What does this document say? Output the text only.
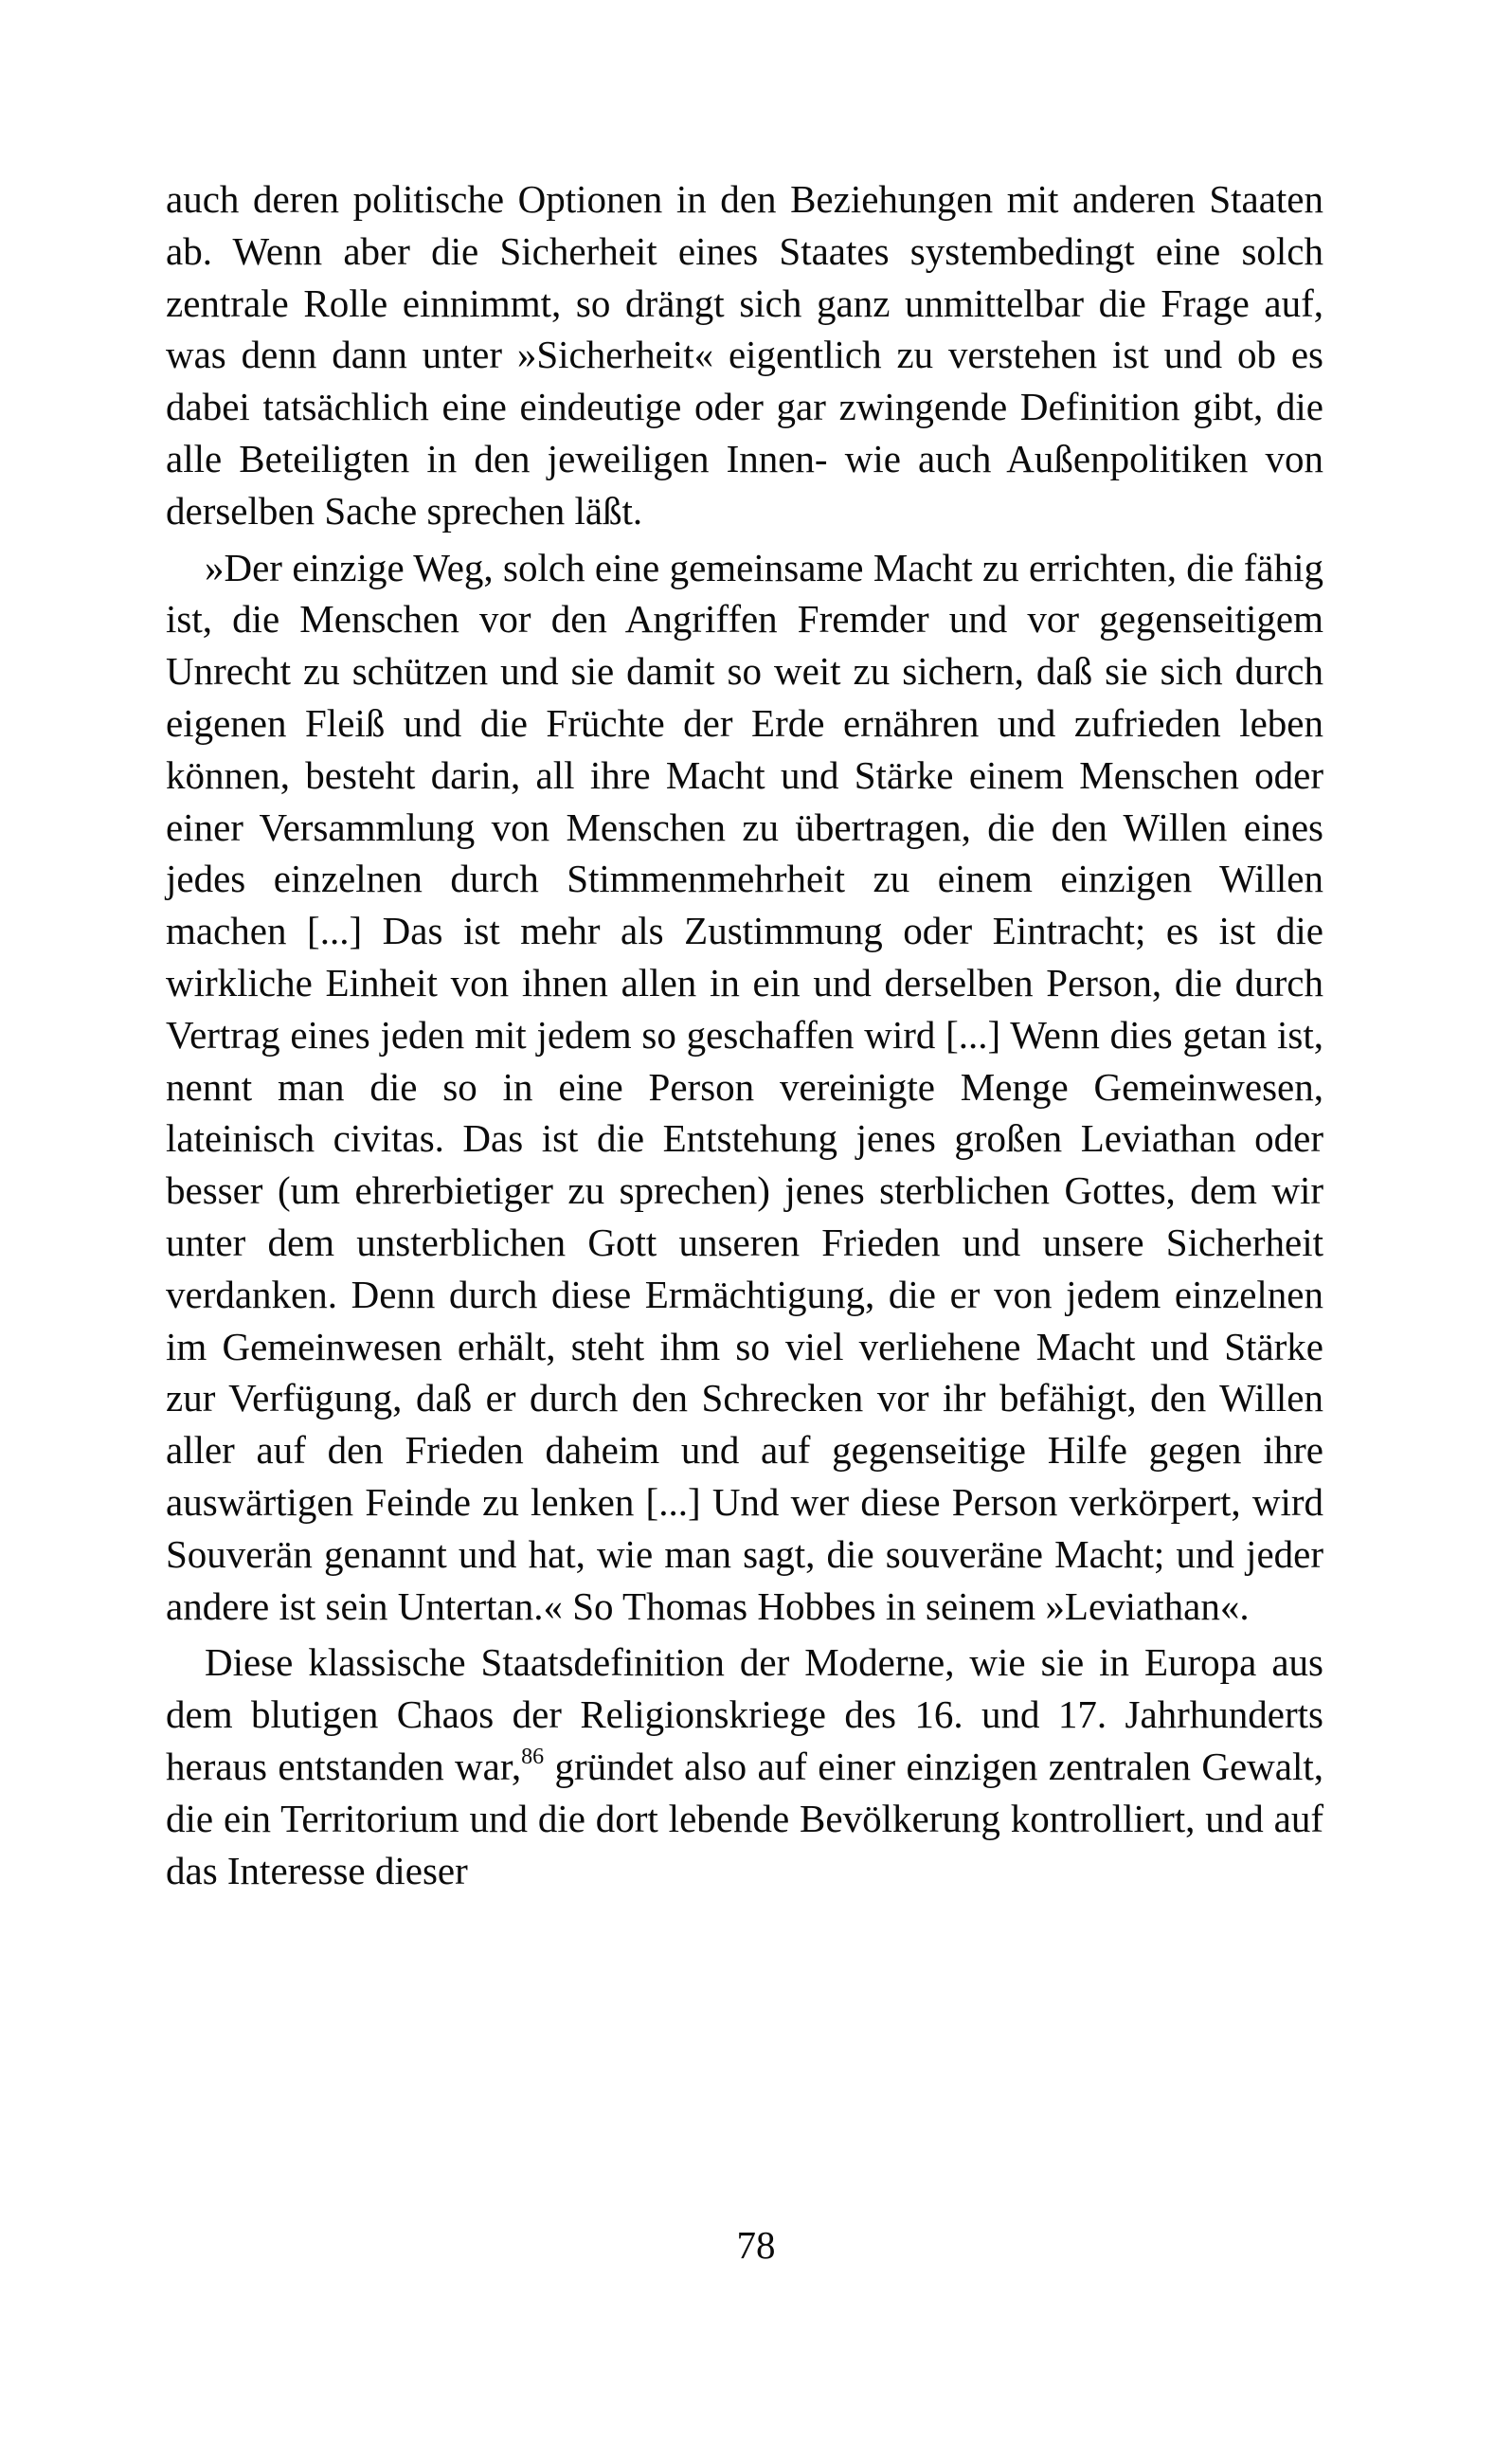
auch deren politische Optionen in den Beziehungen mit anderen Staaten ab. Wenn aber die Sicherheit eines Staates systembedingt eine solch zentrale Rolle einnimmt, so drängt sich ganz unmittelbar die Frage auf, was denn dann unter »Sicherheit« eigentlich zu verstehen ist und ob es dabei tatsächlich eine eindeutige oder gar zwingende Definition gibt, die alle Beteiligten in den jeweiligen Innen- wie auch Außenpolitiken von derselben Sache sprechen läßt.

»Der einzige Weg, solch eine gemeinsame Macht zu errichten, die fähig ist, die Menschen vor den Angriffen Fremder und vor gegenseitigem Unrecht zu schützen und sie damit so weit zu sichern, daß sie sich durch eigenen Fleiß und die Früchte der Erde ernähren und zufrieden leben können, besteht darin, all ihre Macht und Stärke einem Menschen oder einer Versammlung von Menschen zu übertragen, die den Willen eines jedes einzelnen durch Stimmenmehrheit zu einem einzigen Willen machen [...] Das ist mehr als Zustimmung oder Eintracht; es ist die wirkliche Einheit von ihnen allen in ein und derselben Person, die durch Vertrag eines jeden mit jedem so geschaffen wird [...] Wenn dies getan ist, nennt man die so in eine Person vereinigte Menge Gemeinwesen, lateinisch civitas. Das ist die Entstehung jenes großen Leviathan oder besser (um ehrerbietiger zu sprechen) jenes sterblichen Gottes, dem wir unter dem unsterblichen Gott unseren Frieden und unsere Sicherheit verdanken. Denn durch diese Ermächtigung, die er von jedem einzelnen im Gemeinwesen erhält, steht ihm so viel verliehene Macht und Stärke zur Verfügung, daß er durch den Schrecken vor ihr befähigt, den Willen aller auf den Frieden daheim und auf gegenseitige Hilfe gegen ihre auswärtigen Feinde zu lenken [...] Und wer diese Person verkörpert, wird Souverän genannt und hat, wie man sagt, die souveräne Macht; und jeder andere ist sein Untertan.« So Thomas Hobbes in seinem »Leviathan«.

Diese klassische Staatsdefinition der Moderne, wie sie in Europa aus dem blutigen Chaos der Religionskriege des 16. und 17. Jahrhunderts heraus entstanden war,$^{86}$ gründet also auf einer einzigen zentralen Gewalt, die ein Territorium und die dort lebende Bevölkerung kontrolliert, und auf das Interesse dieser

78
